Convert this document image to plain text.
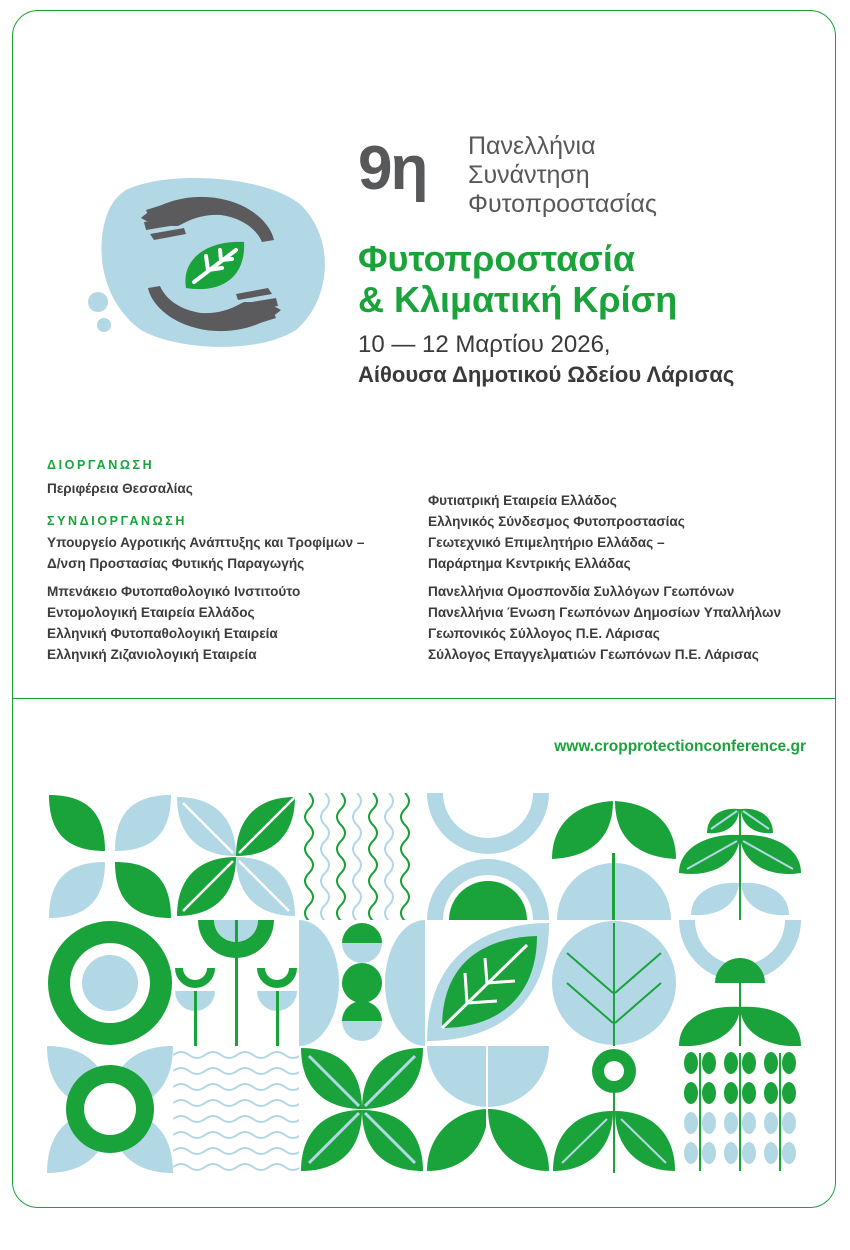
9η Πανελλήνια
Συνάντηση
Φυτοπροστασίας
Φυτοπροστασία
& Κλιματική Κρίση
10 — 12 Μαρτίου 2026,
Αίθουσα Δημοτικού Ωδείου Λάρισας
ΔΙΟΡΓΑΝΩΣΗ
Περιφέρεια Θεσσαλίας
ΣΥΝΔΙΟΡΓΑΝΩΣΗ
Υπουργείο Αγροτικής Ανάπτυξης και Τροφίμων –
Δ/νση Προστασίας Φυτικής Παραγωγής
Μπενάκειο Φυτοπαθολογικό Ινστιτούτο
Εντομολογική Εταιρεία Ελλάδος
Ελληνική Φυτοπαθολογική Εταιρεία
Ελληνική Ζιζανιολογική Εταιρεία
Φυτιατρική Εταιρεία Ελλάδος
Ελληνικός Σύνδεσμος Φυτοπροστασίας
Γεωτεχνικό Επιμελητήριο Ελλάδας –
Παράρτημα Κεντρικής Ελλάδας
Πανελλήνια Ομοσπονδία Συλλόγων Γεωπόνων
Πανελλήνια Ένωση Γεωπόνων Δημοσίων Υπαλλήλων
Γεωπονικός Σύλλογος Π.Ε. Λάρισας
Σύλλογος Επαγγελματιών Γεωπόνων Π.Ε. Λάρισας
www.cropprotectionconference.gr
